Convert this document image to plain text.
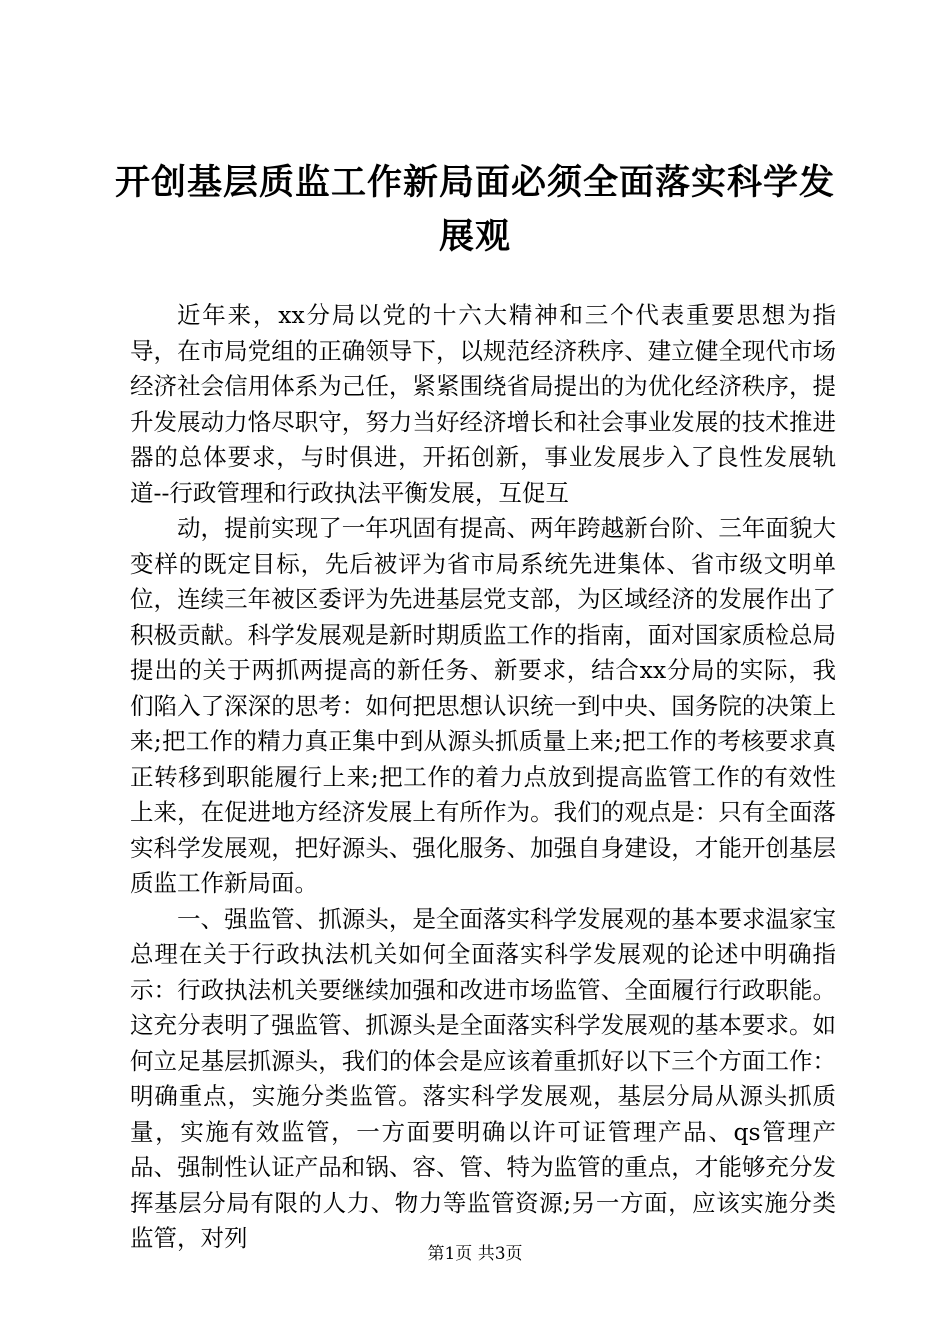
开创基层质监工作新局面必须全面落实科学发展观

近年来，xx分局以党的十六大精神和三个代表重要思想为指导，在市局党组的正确领导下，以规范经济秩序、建立健全现代市场经济社会信用体系为己任，紧紧围绕省局提出的为优化经济秩序，提升发展动力恪尽职守，努力当好经济增长和社会事业发展的技术推进器的总体要求，与时俱进，开拓创新，事业发展步入了良性发展轨道--行政管理和行政执法平衡发展，互促互

动，提前实现了一年巩固有提高、两年跨越新台阶、三年面貌大变样的既定目标，先后被评为省市局系统先进集体、省市级文明单位，连续三年被区委评为先进基层党支部，为区域经济的发展作出了积极贡献。科学发展观是新时期质监工作的指南，面对国家质检总局提出的关于两抓两提高的新任务、新要求，结合xx分局的实际，我们陷入了深深的思考：如何把思想认识统一到中央、国务院的决策上来;把工作的精力真正集中到从源头抓质量上来;把工作的考核要求真正转移到职能履行上来;把工作的着力点放到提高监管工作的有效性上来，在促进地方经济发展上有所作为。我们的观点是：只有全面落实科学发展观，把好源头、强化服务、加强自身建设，才能开创基层质监工作新局面。

一、强监管、抓源头，是全面落实科学发展观的基本要求温家宝总理在关于行政执法机关如何全面落实科学发展观的论述中明确指示：行政执法机关要继续加强和改进市场监管、全面履行行政职能。这充分表明了强监管、抓源头是全面落实科学发展观的基本要求。如何立足基层抓源头，我们的体会是应该着重抓好以下三个方面工作：明确重点，实施分类监管。落实科学发展观，基层分局从源头抓质量，实施有效监管，一方面要明确以许可证管理产品、qs管理产品、强制性认证产品和锅、容、管、特为监管的重点，才能够充分发挥基层分局有限的人力、物力等监管资源;另一方面，应该实施分类监管，对列

第1页 共3页
